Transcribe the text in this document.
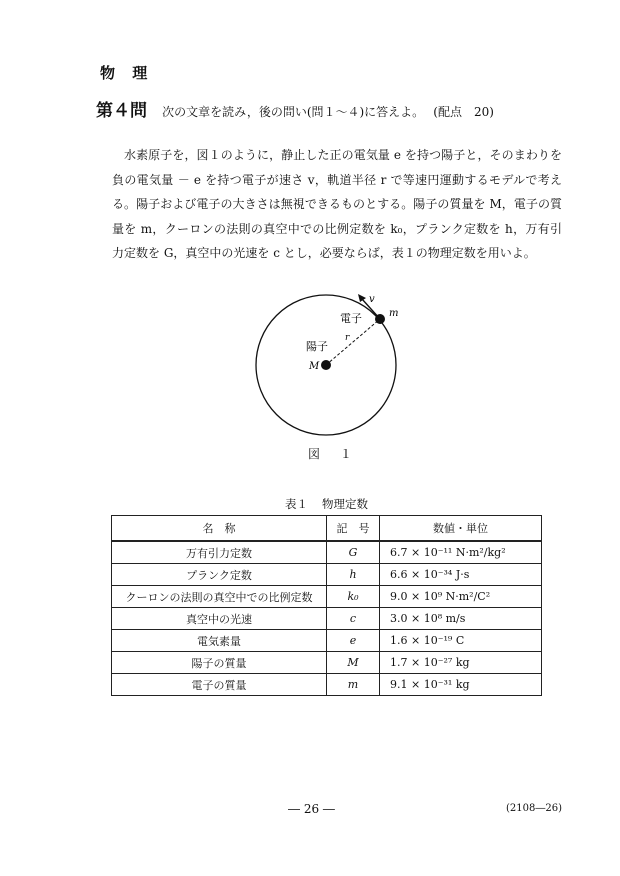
物 理
第４問 次の文章を読み，後の問い(問１～４)に答えよ。 (配点　20)
水素原子を，図１のように，静止した正の電気量 e を持つ陽子と，そのまわりを負の電気量 － e を持つ電子が速さ v，軌道半径 r で等速円運動するモデルで考える。陽子および電子の大きさは無視できるものとする。陽子の質量を M，電子の質量を m，クーロンの法則の真空中での比例定数を k₀，プランク定数を h，万有引力定数を G，真空中の光速を c とし，必要ならば，表１の物理定数を用いよ。
v
m
電子
r
陽子
M
図 １
表１ 物理定数
名　称	記　号	数値・単位
万有引力定数	G	6.7 × 10⁻¹¹ N·m²/kg²
プランク定数	h	6.6 × 10⁻³⁴ J·s
クーロンの法則の真空中での比例定数	k₀	9.0 × 10⁹ N·m²/C²
真空中の光速	c	3.0 × 10⁸ m/s
電気素量	e	1.6 × 10⁻¹⁹ C
陽子の質量	M	1.7 × 10⁻²⁷ kg
電子の質量	m	9.1 × 10⁻³¹ kg
― 26 ―	(2108―26)
